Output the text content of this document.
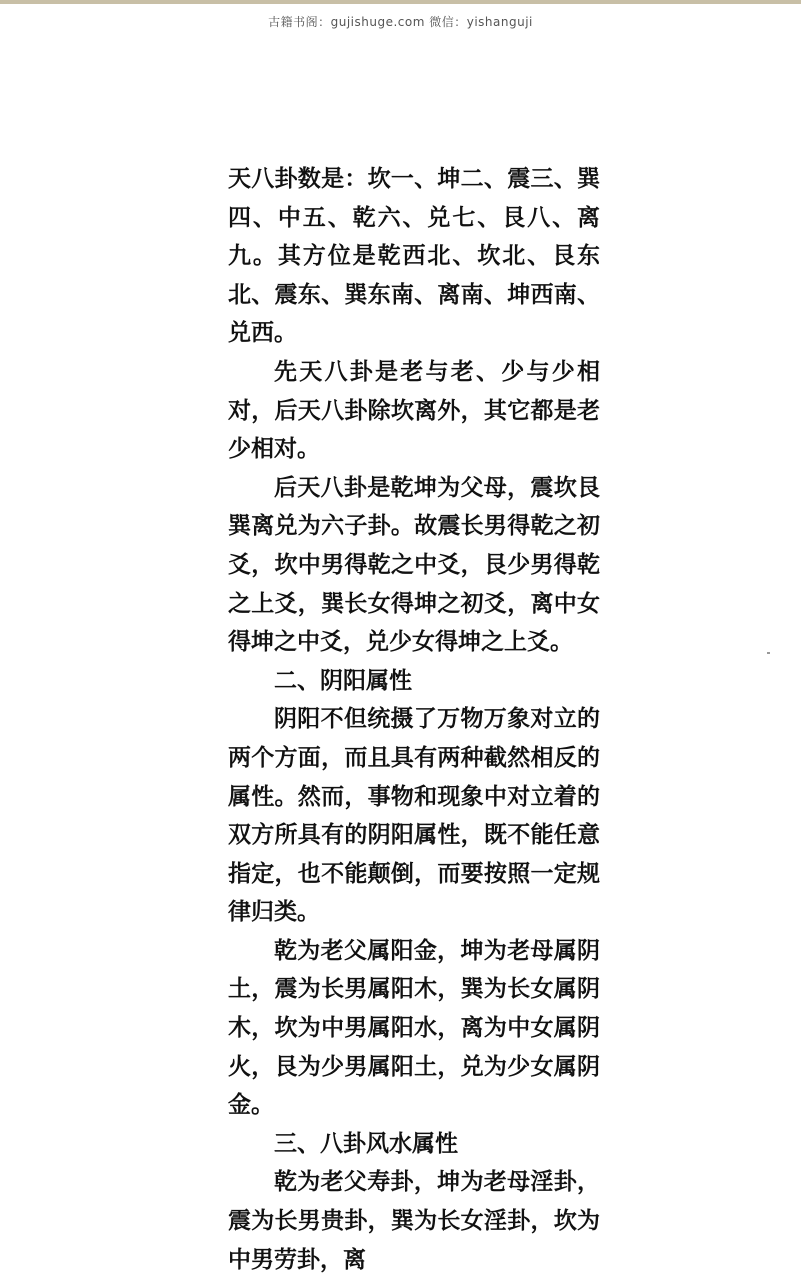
古籍书阁：gujishuge.com 微信：yishanguji

天八卦数是：坎一、坤二、震三、巽四、中五、乾六、兑七、艮八、离九。其方位是乾西北、坎北、艮东北、震东、巽东南、离南、坤西南、兑西。

先天八卦是老与老、少与少相对，后天八卦除坎离外，其它都是老少相对。

后天八卦是乾坤为父母，震坎艮巽离兑为六子卦。故震长男得乾之初爻，坎中男得乾之中爻，艮少男得乾之上爻，巽长女得坤之初爻，离中女得坤之中爻，兑少女得坤之上爻。

二、阴阳属性

阴阳不但统摄了万物万象对立的两个方面，而且具有两种截然相反的属性。然而，事物和现象中对立着的双方所具有的阴阳属性，既不能任意指定，也不能颠倒，而要按照一定规律归类。

乾为老父属阳金，坤为老母属阴土，震为长男属阳木，巽为长女属阴木，坎为中男属阳水，离为中女属阴火，艮为少男属阳土，兑为少女属阴金。

三、八卦风水属性

乾为老父寿卦，坤为老母淫卦，震为长男贵卦，巽为长女淫卦，坎为中男劳卦，离
